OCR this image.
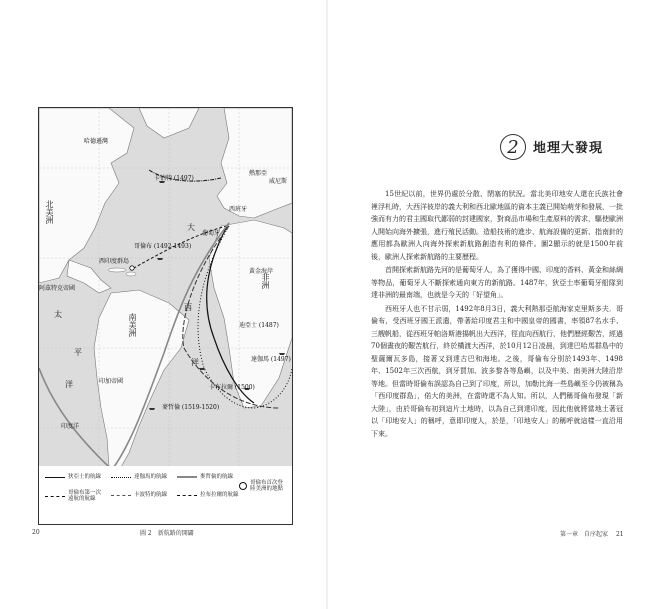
北美洲
南美洲
非洲
大
西
洋
太
平
洋
印度洋
卡伯特 (1497)
哥倫布 (1492-1493)
卡布拉爾 (1500)
麥哲倫 (1519-1520)
迪亞士 (1487)
達伽馬 (1497)
葡萄牙
西班牙
西印度群島
黃金海岸
威尼斯
熱那亞
哈德遜灣
阿茲特克帝國
印加帝國
狄亞士的航線
哥倫布第一次
遠航的航線
達伽馬的航線
卡波特的航線
麥哲倫的航線
拉布拉爾的航線
哥倫布首次登
陸美洲的地點
圖 2　新航路的開闢
20
2 地理大發現

15世紀以前，世界仍處於分散、閉塞的狀況。當北美印地安人還在氏族社會裡浮札時，大西洋彼岸的義大利和西北歐地區的資本主義已開始萌芽和發展，一批強而有力的君主國取代鄙弱的封建國家，對商品市場和生產原料的需求，驅使歐洲人開始向海外擴張，進行殖民活動。造船技術的進步、航海設備的更新、指南針的應用都為歐洲人向海外探索新航路創造有利的條件。圖2顯示的就是1500年前後，歐洲人探索新航路的主要歷程。

首開探索新航路先河的是葡萄牙人，為了獲得中國、印度的香料、黃金和絲綢等物品，葡萄牙人不斷探索通向東方的新航路。1487年，狄亞士率葡萄牙船隊到達非洲的最南端，也就是今天的「好望角」。

西班牙人也不甘示弱，1492年8月3日，義大利熱那亞航海家克里斯多夫．哥倫布，受西班牙國王派遣，帶著給印度君主和中國皇帝的國書，率領87名水手、三艘帆船，從西班牙帕洛斯港揚帆出大西洋，徑直向西航行，他們歷經艱苦，經過70個晝夜的艱苦航行，終於橫渡大西洋，於10月12日凌晨，到達巴哈馬群島中的聖薩爾瓦多島，接著又到達古巴和海地。之後，哥倫布分別於1493年、1498年、1502年三次西航，到牙買加、波多黎各等島嶼，以及中美、南美洲大陸沿岸等地。但當時哥倫布誤認為自己到了印度，所以，加勒比海一些島嶼至今仍被稱為「西印度群島」，偌大的美洲，在當時還不為人知。所以，人們稱哥倫布發現「新大陸」，由於哥倫布初到這片土地時，以為自己到達印度，因此他就將當地土著冠以「印地安人」的稱呼，意即印度人，於是，「印地安人」的稱呼就這樣一直沿用下來。

第一章　自序起家 21
